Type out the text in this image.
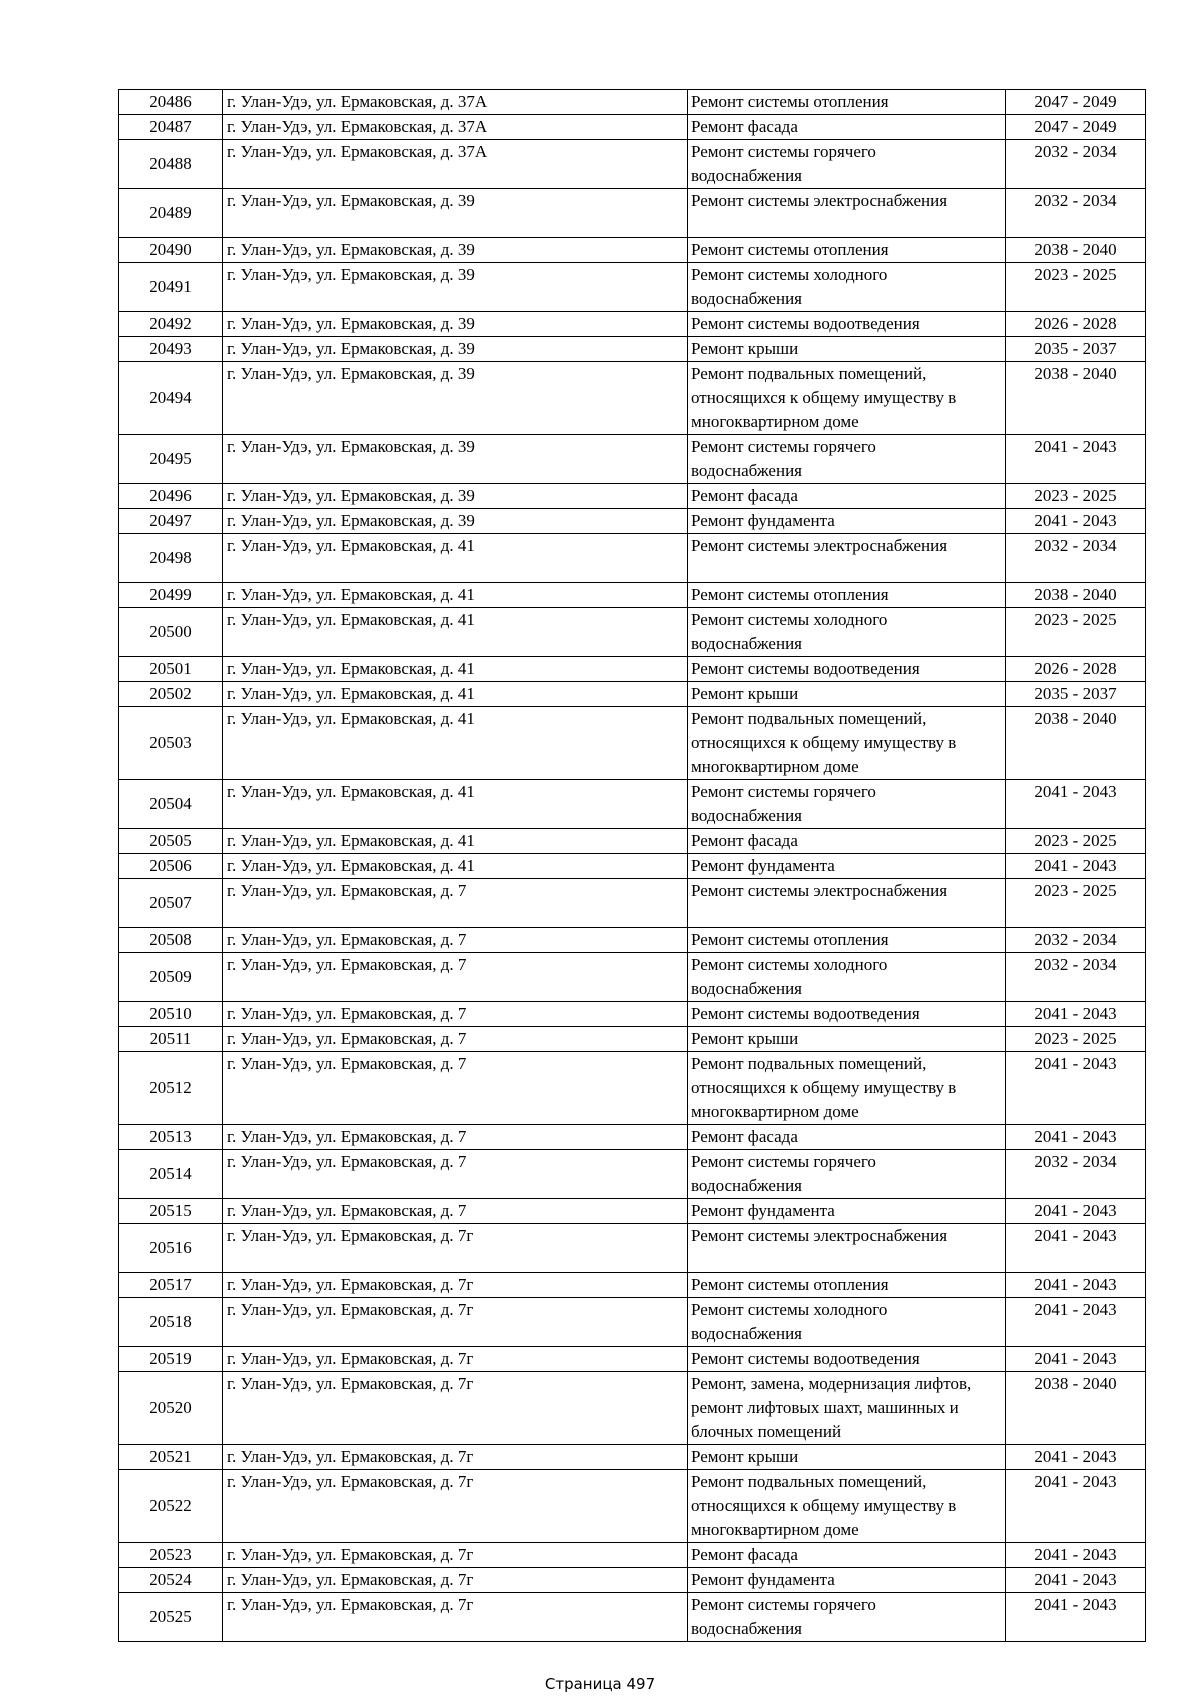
20486	г. Улан-Удэ, ул. Ермаковская, д. 37А	Ремонт системы отопления	2047 - 2049
20487	г. Улан-Удэ, ул. Ермаковская, д. 37А	Ремонт фасада	2047 - 2049
20488	г. Улан-Удэ, ул. Ермаковская, д. 37А	Ремонт системы горячего
водоснабжения	2032 - 2034
20489	г. Улан-Удэ, ул. Ермаковская, д. 39	Ремонт системы электроснабжения	2032 - 2034
20490	г. Улан-Удэ, ул. Ермаковская, д. 39	Ремонт системы отопления	2038 - 2040
20491	г. Улан-Удэ, ул. Ермаковская, д. 39	Ремонт системы холодного
водоснабжения	2023 - 2025
20492	г. Улан-Удэ, ул. Ермаковская, д. 39	Ремонт системы водоотведения	2026 - 2028
20493	г. Улан-Удэ, ул. Ермаковская, д. 39	Ремонт крыши	2035 - 2037
20494	г. Улан-Удэ, ул. Ермаковская, д. 39	Ремонт подвальных помещений,
относящихся к общему имуществу в
многоквартирном доме	2038 - 2040
20495	г. Улан-Удэ, ул. Ермаковская, д. 39	Ремонт системы горячего
водоснабжения	2041 - 2043
20496	г. Улан-Удэ, ул. Ермаковская, д. 39	Ремонт фасада	2023 - 2025
20497	г. Улан-Удэ, ул. Ермаковская, д. 39	Ремонт фундамента	2041 - 2043
20498	г. Улан-Удэ, ул. Ермаковская, д. 41	Ремонт системы электроснабжения	2032 - 2034
20499	г. Улан-Удэ, ул. Ермаковская, д. 41	Ремонт системы отопления	2038 - 2040
20500	г. Улан-Удэ, ул. Ермаковская, д. 41	Ремонт системы холодного
водоснабжения	2023 - 2025
20501	г. Улан-Удэ, ул. Ермаковская, д. 41	Ремонт системы водоотведения	2026 - 2028
20502	г. Улан-Удэ, ул. Ермаковская, д. 41	Ремонт крыши	2035 - 2037
20503	г. Улан-Удэ, ул. Ермаковская, д. 41	Ремонт подвальных помещений,
относящихся к общему имуществу в
многоквартирном доме	2038 - 2040
20504	г. Улан-Удэ, ул. Ермаковская, д. 41	Ремонт системы горячего
водоснабжения	2041 - 2043
20505	г. Улан-Удэ, ул. Ермаковская, д. 41	Ремонт фасада	2023 - 2025
20506	г. Улан-Удэ, ул. Ермаковская, д. 41	Ремонт фундамента	2041 - 2043
20507	г. Улан-Удэ, ул. Ермаковская, д. 7	Ремонт системы электроснабжения	2023 - 2025
20508	г. Улан-Удэ, ул. Ермаковская, д. 7	Ремонт системы отопления	2032 - 2034
20509	г. Улан-Удэ, ул. Ермаковская, д. 7	Ремонт системы холодного
водоснабжения	2032 - 2034
20510	г. Улан-Удэ, ул. Ермаковская, д. 7	Ремонт системы водоотведения	2041 - 2043
20511	г. Улан-Удэ, ул. Ермаковская, д. 7	Ремонт крыши	2023 - 2025
20512	г. Улан-Удэ, ул. Ермаковская, д. 7	Ремонт подвальных помещений,
относящихся к общему имуществу в
многоквартирном доме	2041 - 2043
20513	г. Улан-Удэ, ул. Ермаковская, д. 7	Ремонт фасада	2041 - 2043
20514	г. Улан-Удэ, ул. Ермаковская, д. 7	Ремонт системы горячего
водоснабжения	2032 - 2034
20515	г. Улан-Удэ, ул. Ермаковская, д. 7	Ремонт фундамента	2041 - 2043
20516	г. Улан-Удэ, ул. Ермаковская, д. 7г	Ремонт системы электроснабжения	2041 - 2043
20517	г. Улан-Удэ, ул. Ермаковская, д. 7г	Ремонт системы отопления	2041 - 2043
20518	г. Улан-Удэ, ул. Ермаковская, д. 7г	Ремонт системы холодного
водоснабжения	2041 - 2043
20519	г. Улан-Удэ, ул. Ермаковская, д. 7г	Ремонт системы водоотведения	2041 - 2043
20520	г. Улан-Удэ, ул. Ермаковская, д. 7г	Ремонт, замена, модернизация лифтов,
ремонт лифтовых шахт, машинных и
блочных помещений	2038 - 2040
20521	г. Улан-Удэ, ул. Ермаковская, д. 7г	Ремонт крыши	2041 - 2043
20522	г. Улан-Удэ, ул. Ермаковская, д. 7г	Ремонт подвальных помещений,
относящихся к общему имуществу в
многоквартирном доме	2041 - 2043
20523	г. Улан-Удэ, ул. Ермаковская, д. 7г	Ремонт фасада	2041 - 2043
20524	г. Улан-Удэ, ул. Ермаковская, д. 7г	Ремонт фундамента	2041 - 2043
20525	г. Улан-Удэ, ул. Ермаковская, д. 7г	Ремонт системы горячего
водоснабжения	2041 - 2043
Страница 497
